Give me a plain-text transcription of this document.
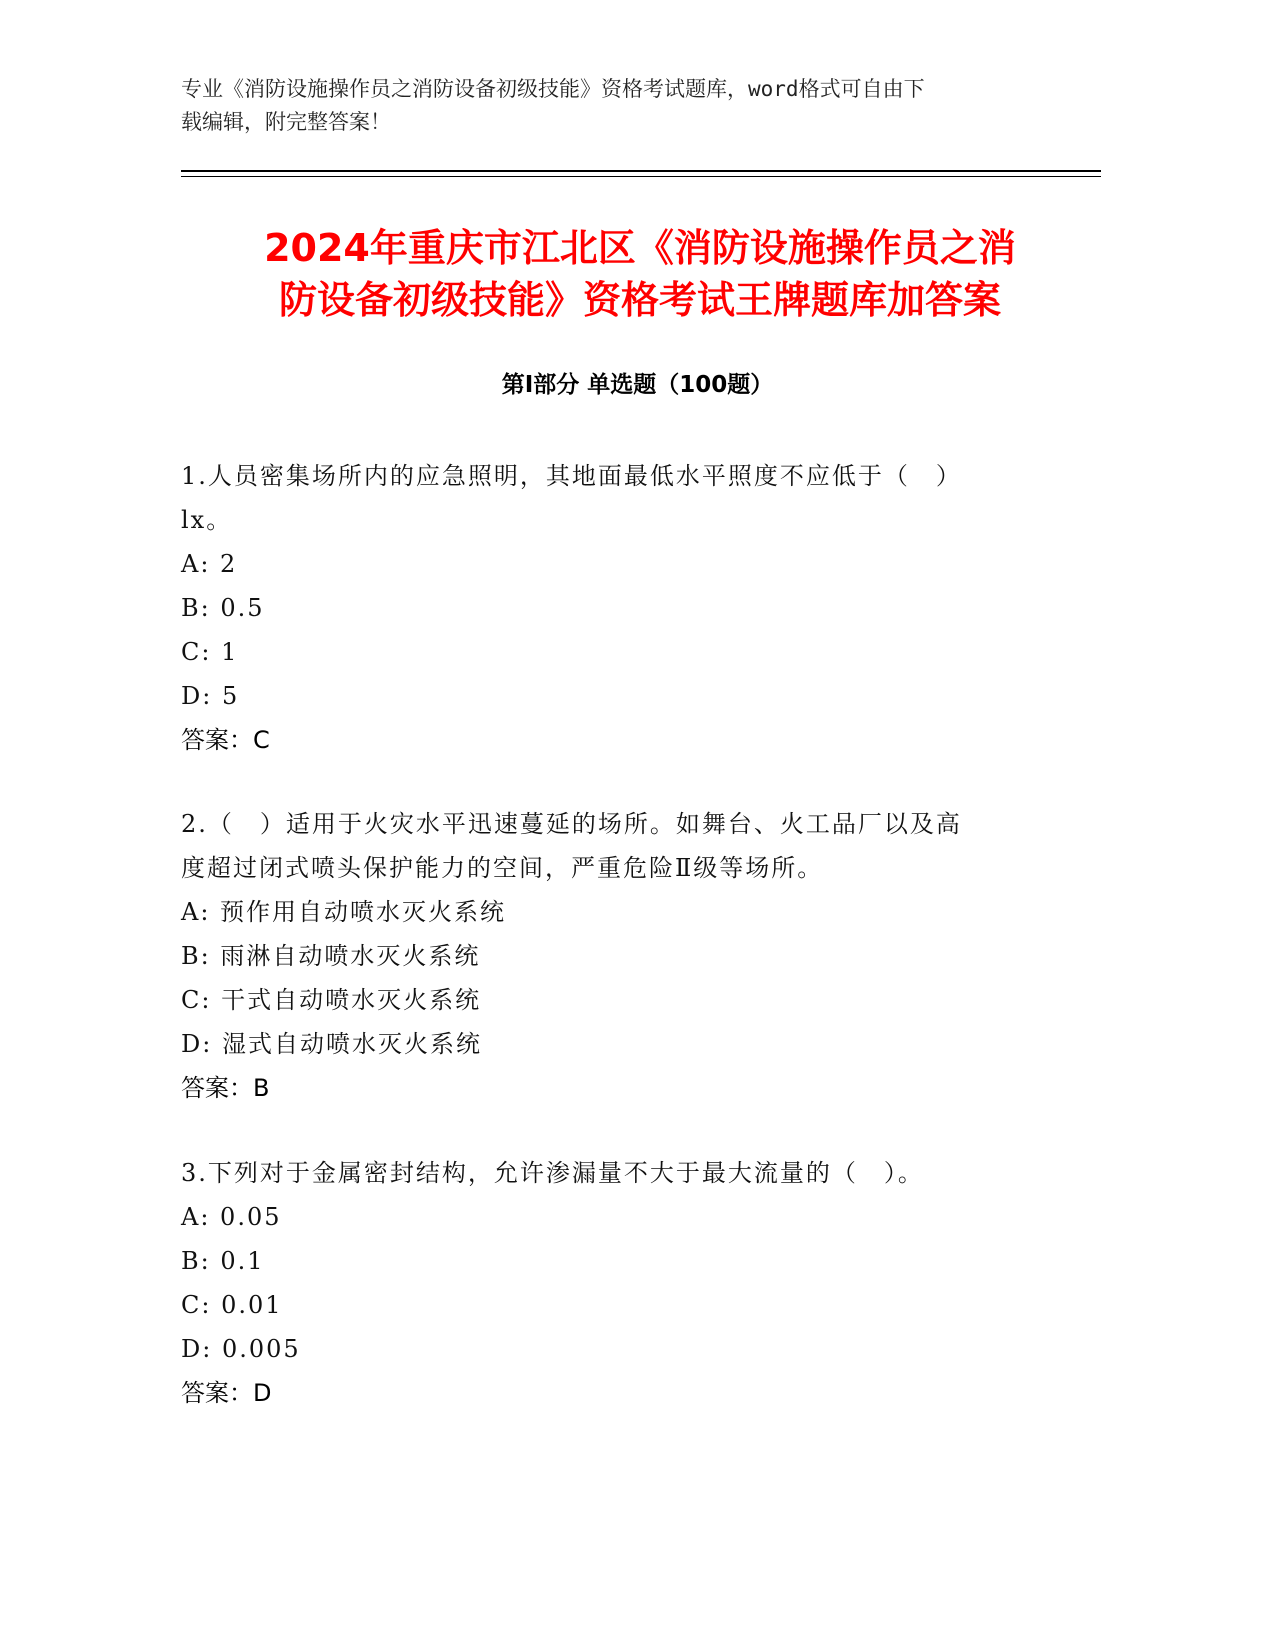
专业《消防设施操作员之消防设备初级技能》资格考试题库，word格式可自由下
载编辑，附完整答案！
2024年重庆市江北区《消防设施操作员之消
防设备初级技能》资格考试王牌题库加答案
第Ⅰ部分 单选题（100题）

1.人员密集场所内的应急照明，其地面最低水平照度不应低于（　）

lx。

A: 2

B: 0.5

C: 1

D: 5

答案：C

2.（　）适用于火灾水平迅速蔓延的场所。如舞台、火工品厂以及高

度超过闭式喷头保护能力的空间，严重危险Ⅱ级等场所。

A: 预作用自动喷水灭火系统

B: 雨淋自动喷水灭火系统

C: 干式自动喷水灭火系统

D: 湿式自动喷水灭火系统

答案：B

3.下列对于金属密封结构，允许渗漏量不大于最大流量的（　）。

A: 0.05

B: 0.1

C: 0.01

D: 0.005

答案：D
